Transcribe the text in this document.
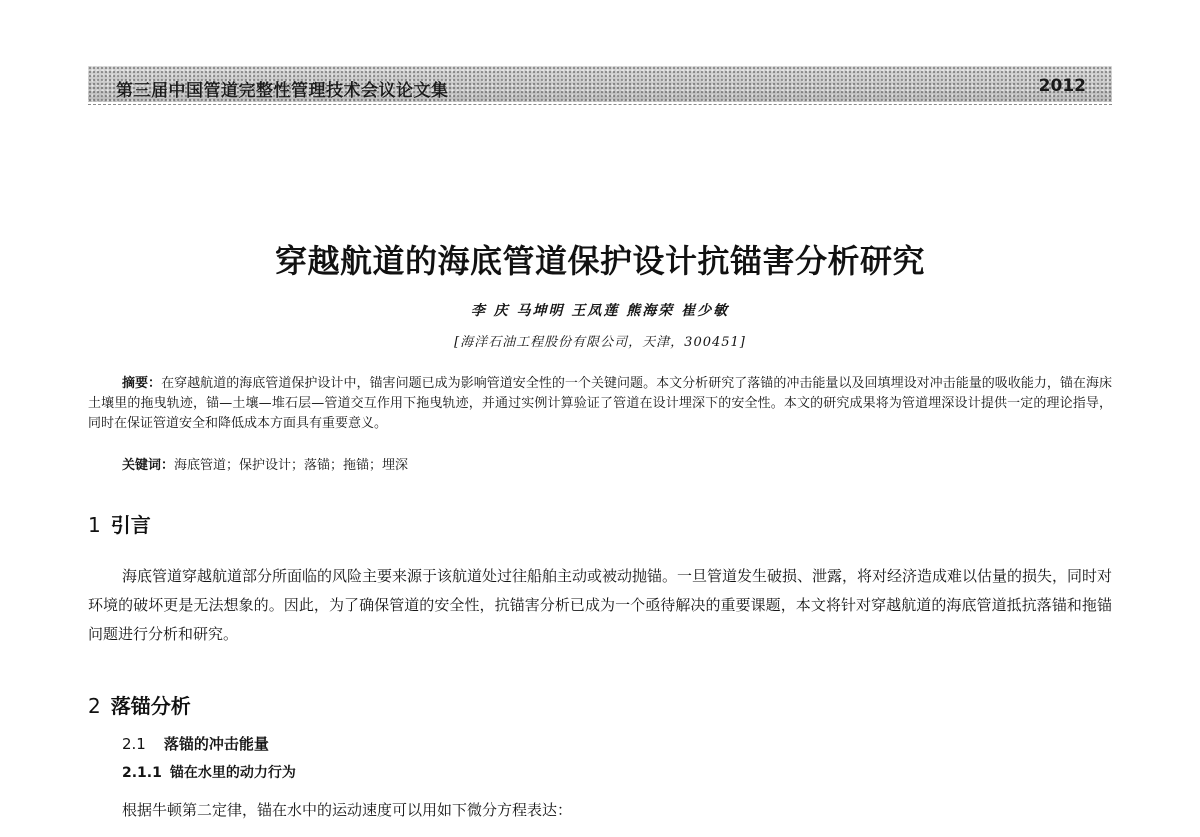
第三届中国管道完整性管理技术会议论文集	2012
穿越航道的海底管道保护设计抗锚害分析研究
李 庆 马坤明 王凤莲 熊海荣 崔少敏
[海洋石油工程股份有限公司，天津，300451]
摘要：在穿越航道的海底管道保护设计中，锚害问题已成为影响管道安全性的一个关键问题。本文分析研究了落锚的冲击能量以及回填埋设对冲击能量的吸收能力，锚在海床土壤里的拖曳轨迹，锚—土壤—堆石层—管道交互作用下拖曳轨迹，并通过实例计算验证了管道在设计埋深下的安全性。本文的研究成果将为管道埋深设计提供一定的理论指导，同时在保证管道安全和降低成本方面具有重要意义。
关键词：海底管道；保护设计；落锚；拖锚；埋深
1 引言
海底管道穿越航道部分所面临的风险主要来源于该航道处过往船舶主动或被动抛锚。一旦管道发生破损、泄露，将对经济造成难以估量的损失，同时对环境的破坏更是无法想象的。因此，为了确保管道的安全性，抗锚害分析已成为一个亟待解决的重要课题，本文将针对穿越航道的海底管道抵抗落锚和拖锚问题进行分析和研究。
2 落锚分析
2.1 落锚的冲击能量
2.1.1 锚在水里的动力行为
根据牛顿第二定律，锚在水中的运动速度可以用如下微分方程表达：
